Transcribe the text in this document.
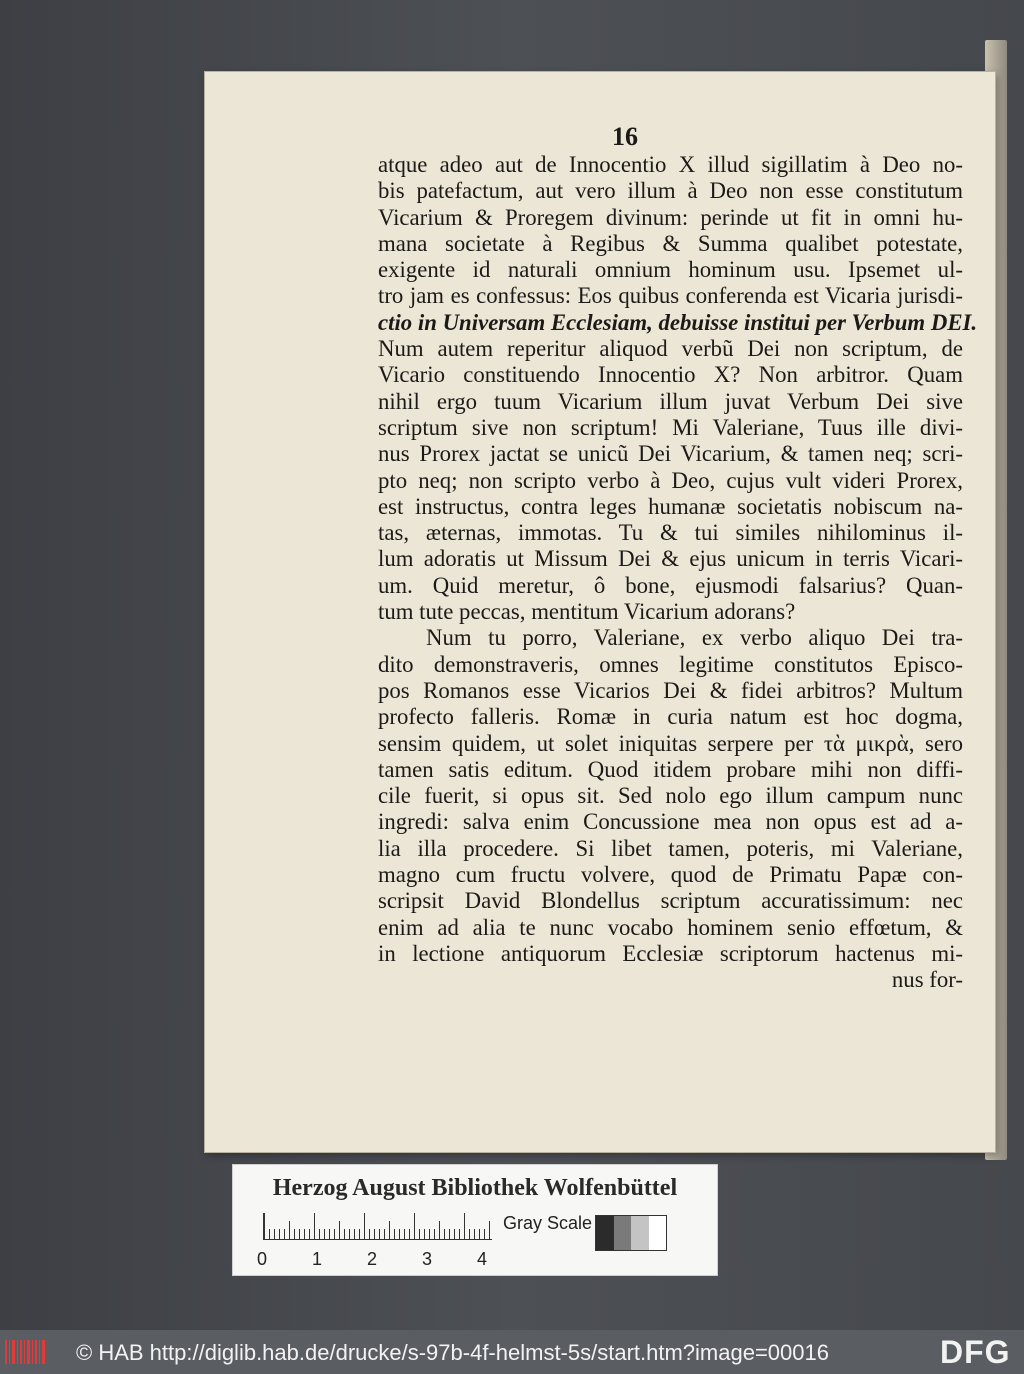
16
atque adeo aut de Innocentio X illud sigillatim à Deo no-
bis patefactum, aut vero illum à Deo non esse constitutum
Vicarium & Proregem divinum: perinde ut fit in omni hu-
mana societate à Regibus & Summa qualibet potestate,
exigente id naturali omnium hominum usu. Ipsemet ul-
tro jam es confessus: Eos quibus conferenda est Vicaria jurisdi-
ctio in Universam Ecclesiam, debuisse institui per Verbum DEI.
Num autem reperitur aliquod verbũ Dei non scriptum, de
Vicario constituendo Innocentio X? Non arbitror. Quam
nihil ergo tuum Vicarium illum juvat Verbum Dei sive
scriptum sive non scriptum! Mi Valeriane, Tuus ille divi-
nus Prorex jactat se unicũ Dei Vicarium, & tamen neq; scri-
pto neq; non scripto verbo à Deo, cujus vult videri Prorex,
est instructus, contra leges humanæ societatis nobiscum na-
tas, æternas, immotas. Tu & tui similes nihilominus il-
lum adoratis ut Missum Dei & ejus unicum in terris Vicari-
um. Quid meretur, ô bone, ejusmodi falsarius? Quan-
tum tute peccas, mentitum Vicarium adorans?
Num tu porro, Valeriane, ex verbo aliquo Dei tra-
dito demonstraveris, omnes legitime constitutos Episco-
pos Romanos esse Vicarios Dei & fidei arbitros? Multum
profecto falleris. Romæ in curia natum est hoc dogma,
sensim quidem, ut solet iniquitas serpere per τὰ μικρὰ, sero
tamen satis editum. Quod itidem probare mihi non diffi-
cile fuerit, si opus sit. Sed nolo ego illum campum nunc
ingredi: salva enim Concussione mea non opus est ad a-
lia illa procedere. Si libet tamen, poteris, mi Valeriane,
magno cum fructu volvere, quod de Primatu Papæ con-
scripsit David Blondellus scriptum accuratissimum: nec
enim ad alia te nunc vocabo hominem senio effœtum, &
in lectione antiquorum Ecclesiæ scriptorum hactenus mi-
nus for-
Herzog August Bibliothek Wolfenbüttel
0 1 2 3 4
Gray Scale
© HAB http://diglib.hab.de/drucke/s-97b-4f-helmst-5s/start.htm?image=00016	DFG
